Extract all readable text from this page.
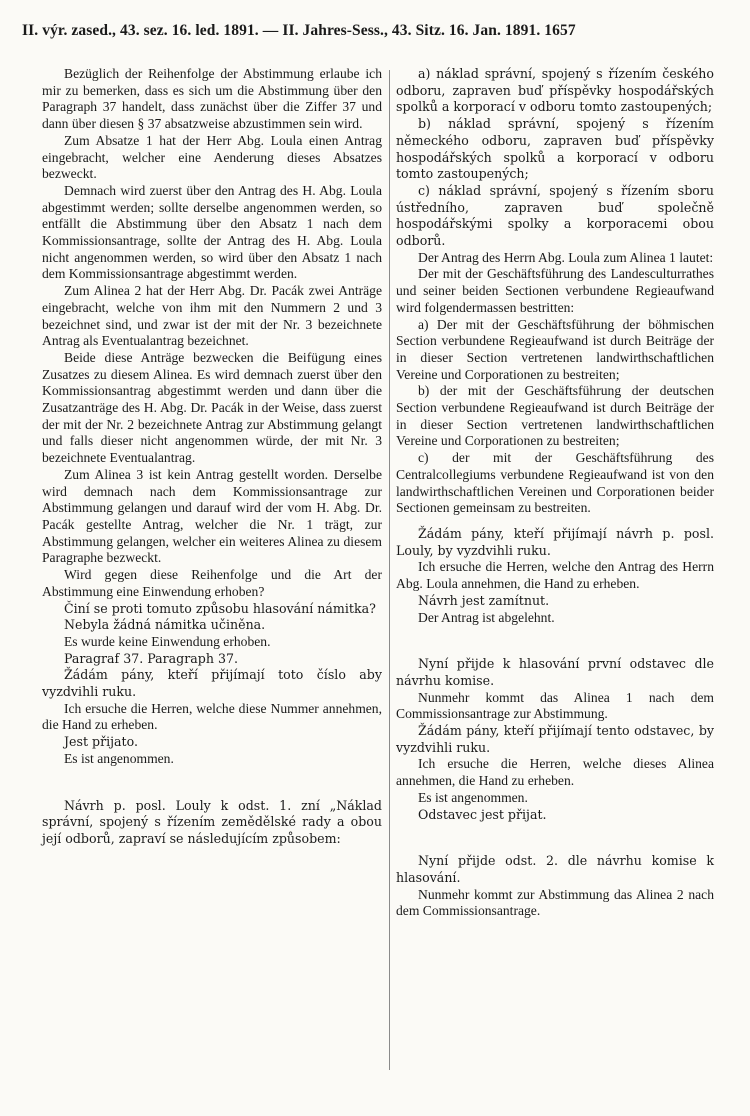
II. výr. zased., 43. sez. 16. led. 1891. — II. Jahres-Sess., 43. Sitz. 16. Jan. 1891. 1657

Bezüglich der Reihenfolge der Abstimmung erlaube ich mir zu bemerken, dass es sich um die Abstimmung über den Paragraph 37 handelt, dass zunächst über die Ziffer 37 und dann über diesen § 37 absatzweise abzustimmen sein wird.

Zum Absatze 1 hat der Herr Abg. Loula einen Antrag eingebracht, welcher eine Aenderung dieses Absatzes bezweckt.

Demnach wird zuerst über den Antrag des H. Abg. Loula abgestimmt werden; sollte derselbe angenommen werden, so entfällt die Abstimmung über den Absatz 1 nach dem Kommissionsantrage, sollte der Antrag des H. Abg. Loula nicht angenommen werden, so wird über den Absatz 1 nach dem Kommissionsantrage abgestimmt werden.

Zum Alinea 2 hat der Herr Abg. Dr. Pacák zwei Anträge eingebracht, welche von ihm mit den Nummern 2 und 3 bezeichnet sind, und zwar ist der mit der Nr. 3 bezeichnete Antrag als Eventualantrag bezeichnet.

Beide diese Anträge bezwecken die Beifügung eines Zusatzes zu diesem Alinea. Es wird demnach zuerst über den Kommissionsantrag abgestimmt werden und dann über die Zusatzanträge des H. Abg. Dr. Pacák in der Weise, dass zuerst der mit der Nr. 2 bezeichnete Antrag zur Abstimmung gelangt und falls dieser nicht angenommen würde, der mit Nr. 3 bezeichnete Eventualantrag.

Zum Alinea 3 ist kein Antrag gestellt worden. Derselbe wird demnach nach dem Kommissionsantrage zur Abstimmung gelangen und darauf wird der vom H. Abg. Dr. Pacák gestellte Antrag, welcher die Nr. 1 trägt, zur Abstimmung gelangen, welcher ein weiteres Alinea zu diesem Paragraphe bezweckt.

Wird gegen diese Reihenfolge und die Art der Abstimmung eine Einwendung erhoben?

Činí se proti tomuto způsobu hlasování námitka?

Nebyla žádná námitka učiněna.

Es wurde keine Einwendung erhoben.

Paragraf 37. Paragraph 37.

Žádám pány, kteří přijímají toto číslo aby vyzdvihli ruku.

Ich ersuche die Herren, welche diese Nummer annehmen, die Hand zu erheben.

Jest přijato.

Es ist angenommen.

Návrh p. posl. Louly k odst. 1. zní „Náklad správní, spojený s řízením zemědělské rady a obou její odborů, zapraví se následujícím způsobem:

a) náklad správní, spojený s řízením českého odboru, zapraven buď příspěvky hospodářských spolků a korporací v odboru tomto zastoupených;

b) náklad správní, spojený s řízením německého odboru, zapraven buď příspěvky hospodářských spolků a korporací v odboru tomto zastoupených;

c) náklad správní, spojený s řízením sboru ústředního, zapraven buď společně hospodářskými spolky a korporacemi obou odborů.

Der Antrag des Herrn Abg. Loula zum Alinea 1 lautet:

Der mit der Geschäftsführung des Landesculturrathes und seiner beiden Sectionen verbundene Regieaufwand wird folgendermassen bestritten:

a) Der mit der Geschäftsführung der böhmischen Section verbundene Regieaufwand ist durch Beiträge der in dieser Section vertretenen landwirthschaftlichen Vereine und Corporationen zu bestreiten;

b) der mit der Geschäftsführung der deutschen Section verbundene Regieaufwand ist durch Beiträge der in dieser Section vertretenen landwirthschaftlichen Vereine und Corporationen zu bestreiten;

c) der mit der Geschäftsführung des Centralcollegiums verbundene Regieaufwand ist von den landwirthschaftlichen Vereinen und Corporationen beider Sectionen gemeinsam zu bestreiten.

Žádám pány, kteří přijímají návrh p. posl. Louly, by vyzdvihli ruku.

Ich ersuche die Herren, welche den Antrag des Herrn Abg. Loula annehmen, die Hand zu erheben.

Návrh jest zamítnut.

Der Antrag ist abgelehnt.

Nyní přijde k hlasování první odstavec dle návrhu komise.

Nunmehr kommt das Alinea 1 nach dem Commissionsantrage zur Abstimmung.

Žádám pány, kteří přijímají tento odstavec, by vyzdvihli ruku.

Ich ersuche die Herren, welche dieses Alinea annehmen, die Hand zu erheben.

Es ist angenommen.

Odstavec jest přijat.

Nyní přijde odst. 2. dle návrhu komise k hlasování.

Nunmehr kommt zur Abstimmung das Alinea 2 nach dem Commissionsantrage.
